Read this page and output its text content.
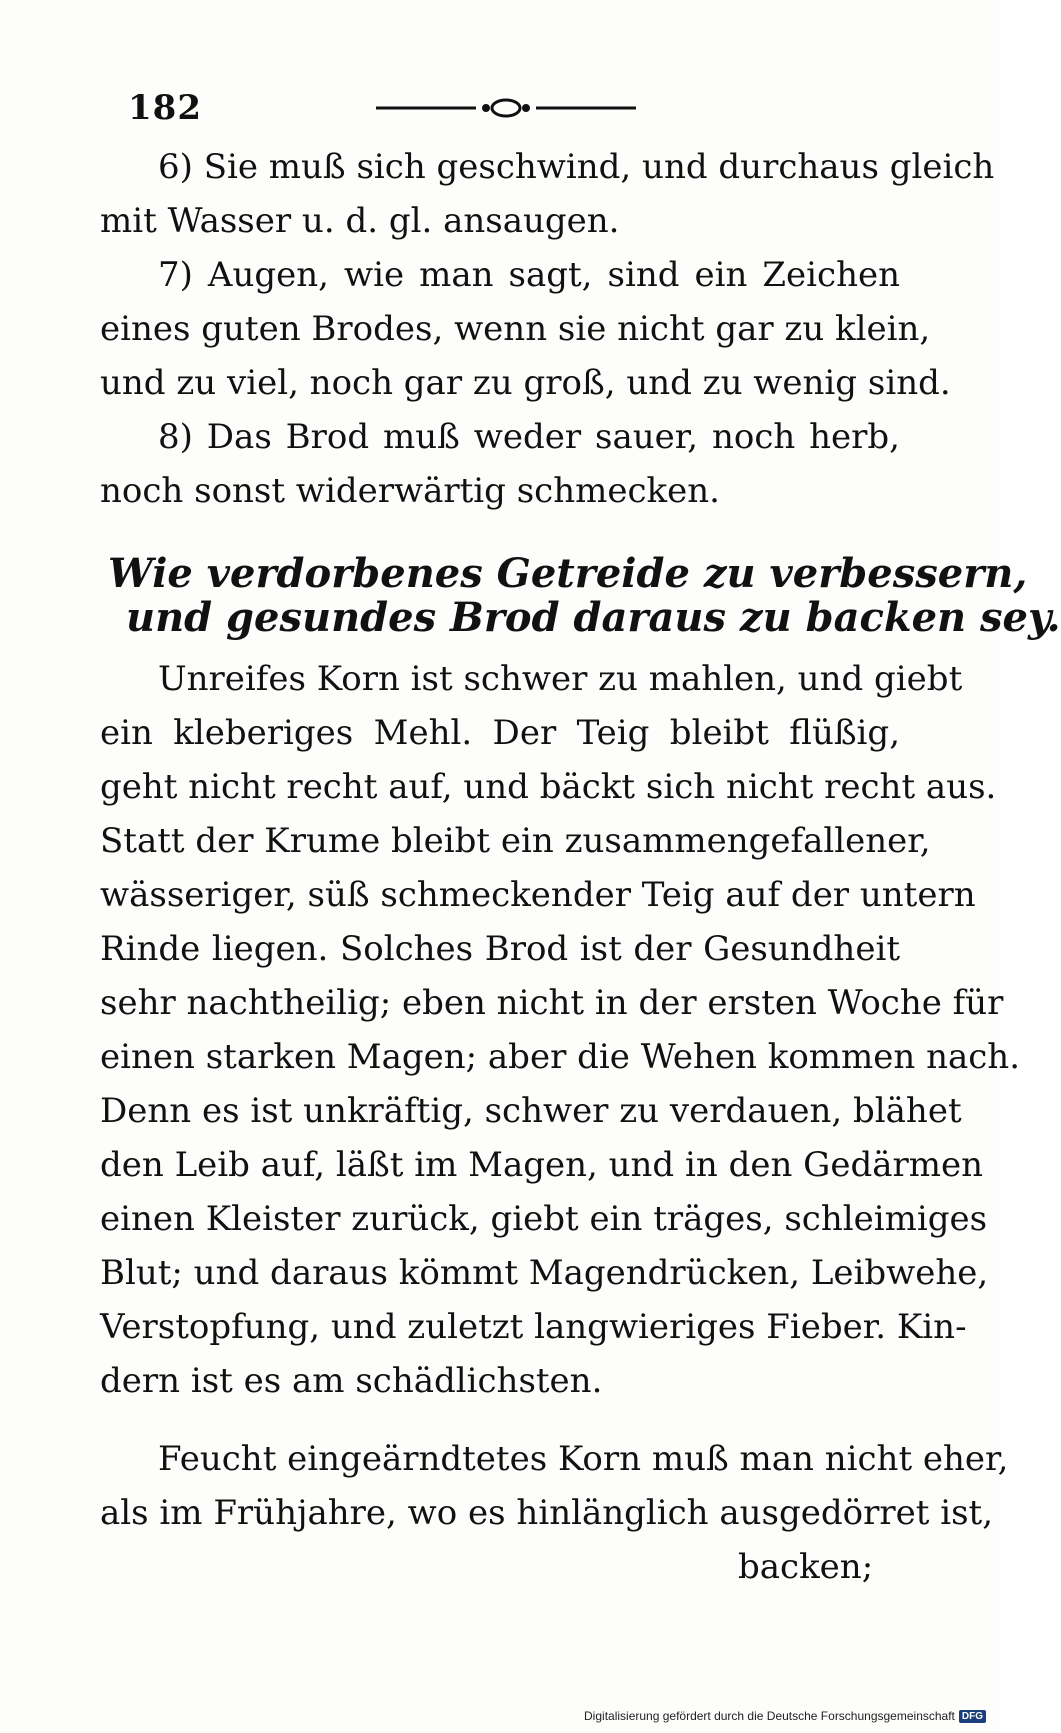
182
6) Sie muß sich geschwind, und durchaus gleich
mit Wasser u. d. gl. ansaugen.
7) Augen, wie man sagt, sind ein Zeichen
eines guten Brodes, wenn sie nicht gar zu klein,
und zu viel, noch gar zu groß, und zu wenig sind.
8) Das Brod muß weder sauer, noch herb,
noch sonst widerwärtig schmecken.
Wie verdorbenes Getreide zu verbessern,
und gesundes Brod daraus zu backen sey.
Unreifes Korn ist schwer zu mahlen, und giebt
ein kleberiges Mehl. Der Teig bleibt flüßig,
geht nicht recht auf, und bäckt sich nicht recht aus.
Statt der Krume bleibt ein zusammengefallener,
wässeriger, süß schmeckender Teig auf der untern
Rinde liegen. Solches Brod ist der Gesundheit
sehr nachtheilig; eben nicht in der ersten Woche für
einen starken Magen; aber die Wehen kommen nach.
Denn es ist unkräftig, schwer zu verdauen, blähet
den Leib auf, läßt im Magen, und in den Gedärmen
einen Kleister zurück, giebt ein träges, schleimiges
Blut; und daraus kömmt Magendrücken, Leibwehe,
Verstopfung, und zuletzt langwieriges Fieber. Kin-
dern ist es am schädlichsten.
Feucht eingeärndtetes Korn muß man nicht eher,
als im Frühjahre, wo es hinlänglich ausgedörret ist,
backen;
Digitalisierung gefördert durch die Deutsche Forschungsgemeinschaft DFG
